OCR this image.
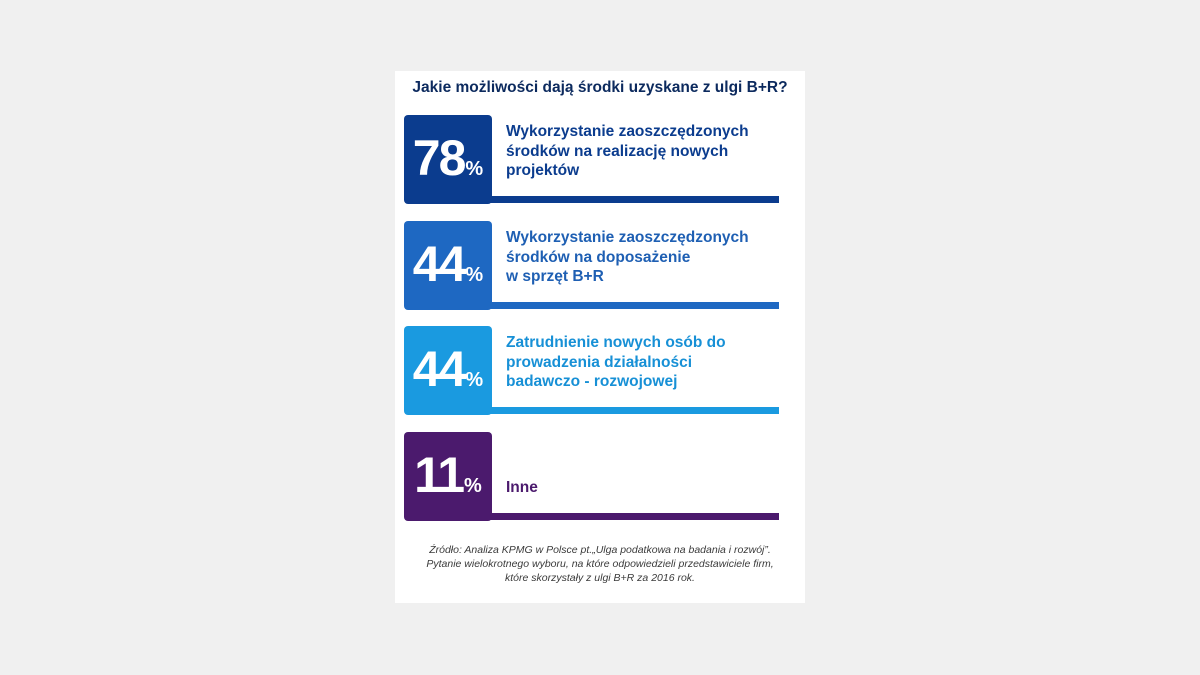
Jakie możliwości dają środki uzyskane z ulgi B+R?
78%
Wykorzystanie zaoszczędzonych
środków na realizację nowych
projektów
44%
Wykorzystanie zaoszczędzonych
środków na doposażenie
w sprzęt B+R
44%
Zatrudnienie nowych osób do
prowadzenia działalności
badawczo - rozwojowej
11%	Inne
Źródło: Analiza KPMG w Polsce pt.„Ulga podatkowa na badania i rozwój”.
Pytanie wielokrotnego wyboru, na które odpowiedzieli przedstawiciele firm,
które skorzystały z ulgi B+R za 2016 rok.
